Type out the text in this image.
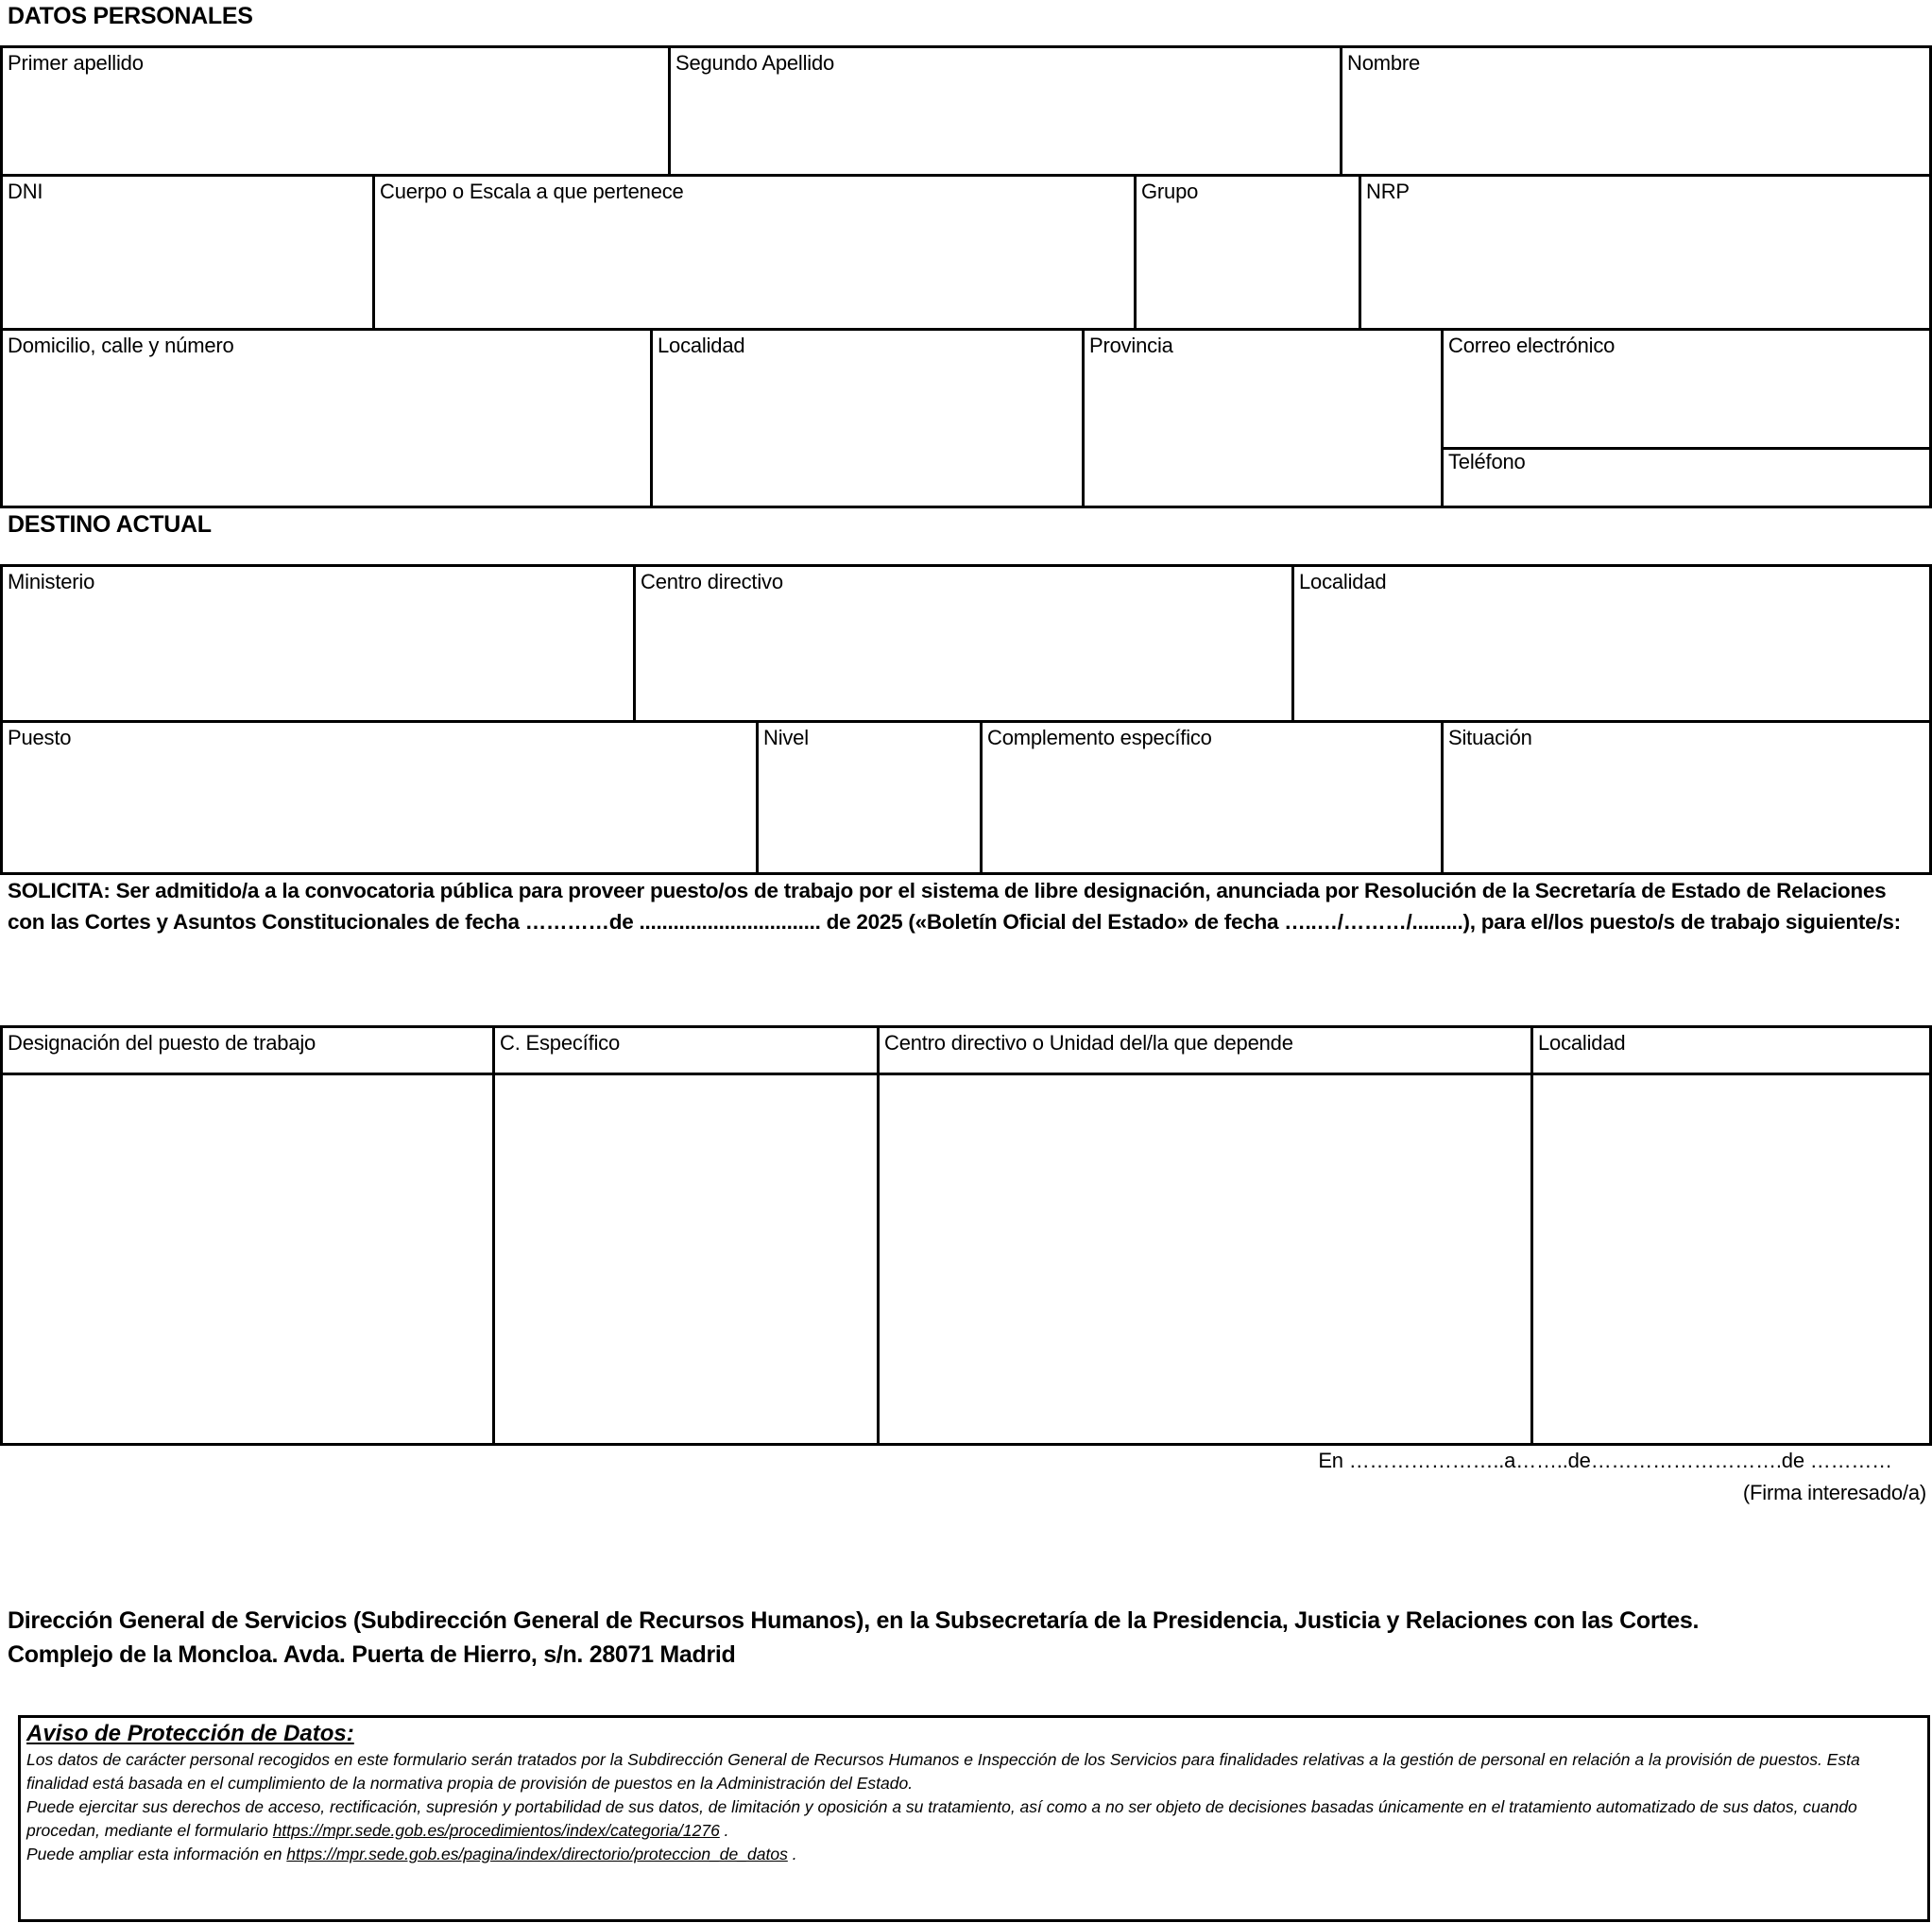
DATOS PERSONALES
Primer apellido	Segundo Apellido	Nombre
DNI	Cuerpo o Escala a que pertenece	Grupo	NRP
Domicilio, calle y número	Localidad	Provincia	Correo electrónico
Teléfono
DESTINO ACTUAL
Ministerio	Centro directivo	Localidad
Puesto	Nivel	Complemento específico	Situación
SOLICITA: Ser admitido/a a la convocatoria pública para proveer puesto/os de trabajo por el sistema de libre designación, anunciada por Resolución de la Secretaría de Estado de Relaciones con las Cortes y Asuntos Constitucionales de fecha …………de ................................ de 2025 («Boletín Oficial del Estado» de fecha …..…/………/.........), para el/los puesto/s de trabajo siguiente/s:
Designación del puesto de trabajo	C. Específico	Centro directivo o Unidad del/la que depende	Localidad
En …………………..a……..de……………………….de …………
(Firma interesado/a)
Dirección General de Servicios (Subdirección General de Recursos Humanos), en la Subsecretaría de la Presidencia, Justicia y Relaciones con las Cortes.
Complejo de la Moncloa. Avda. Puerta de Hierro, s/n. 28071 Madrid
Aviso de Protección de Datos:

Los datos de carácter personal recogidos en este formulario serán tratados por la Subdirección General de Recursos Humanos e Inspección de los Servicios para finalidades relativas a la gestión de personal en relación a la provisión de puestos. Esta finalidad está basada en el cumplimiento de la normativa propia de provisión de puestos en la Administración del Estado.

Puede ejercitar sus derechos de acceso, rectificación, supresión y portabilidad de sus datos, de limitación y oposición a su tratamiento, así como a no ser objeto de decisiones basadas únicamente en el tratamiento automatizado de sus datos, cuando procedan, mediante el formulario https://mpr.sede.gob.es/procedimientos/index/categoria/1276 .

Puede ampliar esta información en https://mpr.sede.gob.es/pagina/index/directorio/proteccion_de_datos .
